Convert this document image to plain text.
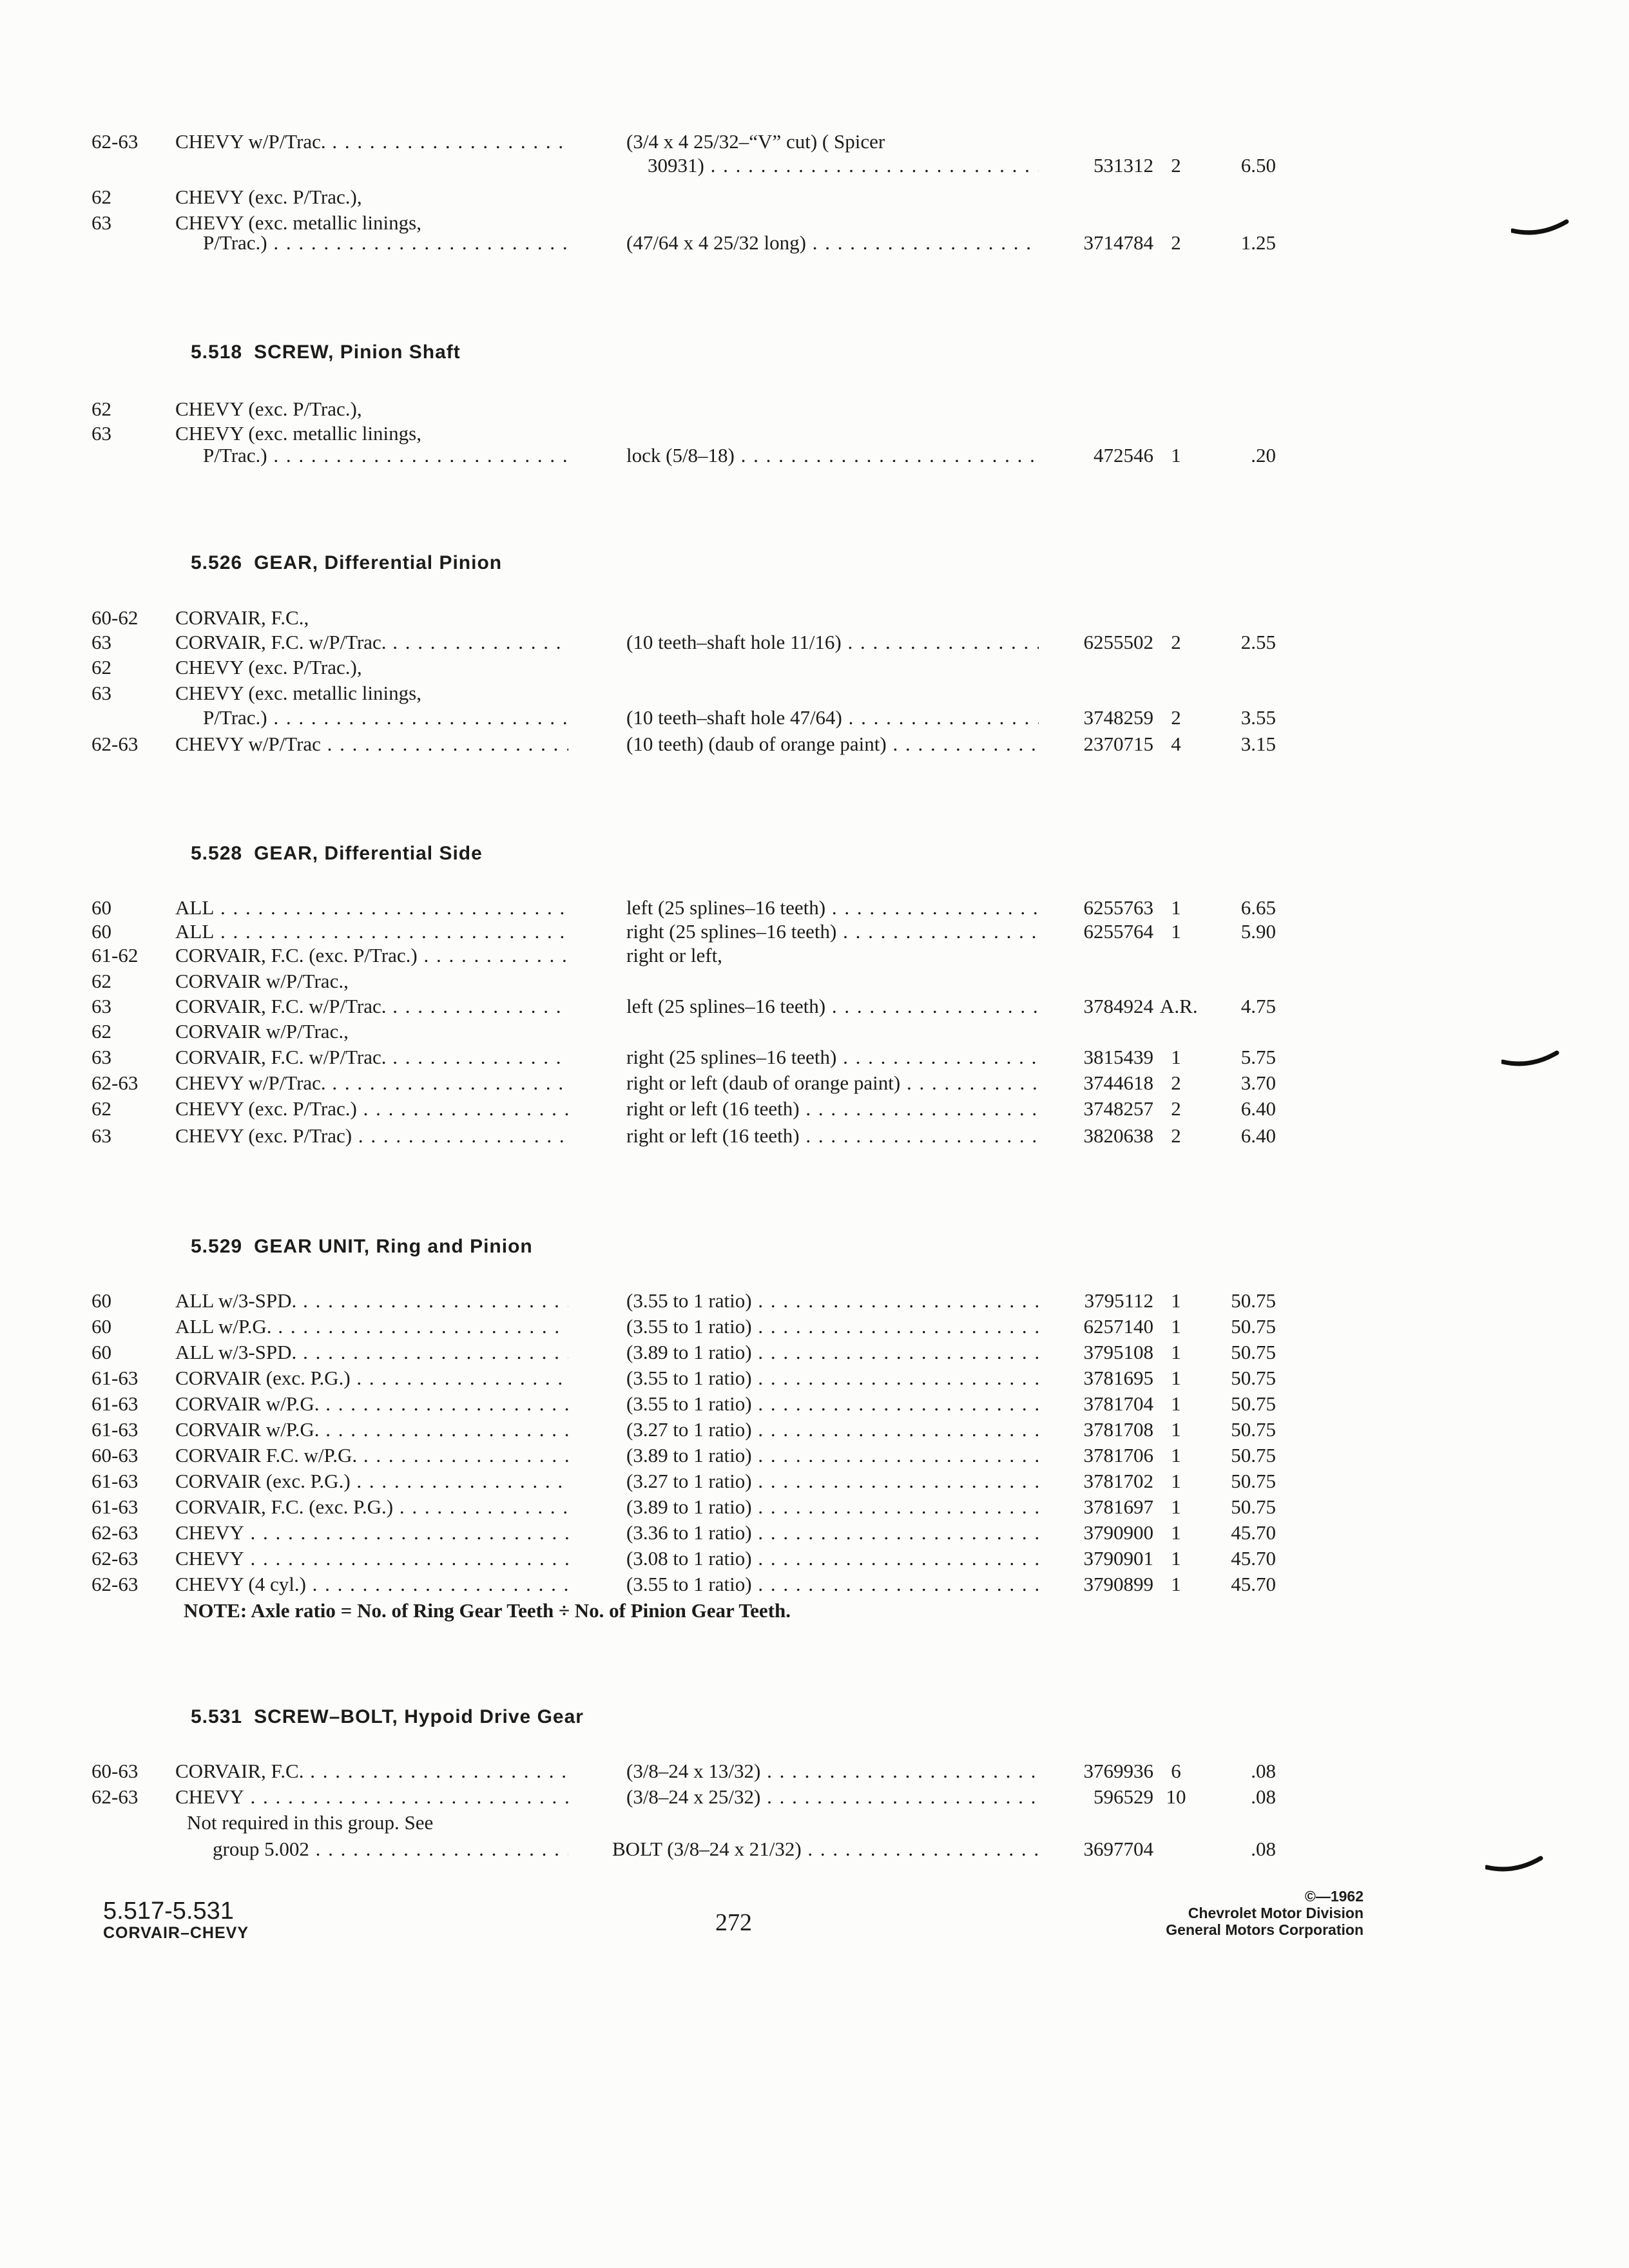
62-63 CHEVY w/P/Trac. . . .	(3/4 x 4 25/32–“V” cut) ( Spicer
30931) . . .	531312 2	6.50
62	CHEVY (exc. P/Trac.),
63	CHEVY (exc. metallic linings,
P/Trac.) . . .	(47/64 x 4 25/32 long) . . .	3714784 2	1.25
5.518 SCREW, Pinion Shaft
62	CHEVY (exc. P/Trac.),
63	CHEVY (exc. metallic linings,
P/Trac.) . . .	lock (5/8–18) . . .	472546 1	.20
5.526 GEAR, Differential Pinion
60-62 CORVAIR, F.C.,
63	CORVAIR, F.C. w/P/Trac. . . .	(10 teeth–shaft hole 11/16) . . .	6255502 2	2.55
62	CHEVY (exc. P/Trac.),
63	CHEVY (exc. metallic linings,
P/Trac.) . . .	(10 teeth–shaft hole 47/64) . . .	3748259 2	3.55
62-63 CHEVY w/P/Trac . . .	(10 teeth) (daub of orange paint) . . .	2370715 4	3.15
5.528 GEAR, Differential Side
60	ALL . . .	left (25 splines–16 teeth) . . .	6255763 1	6.65
60	ALL . . .	right (25 splines–16 teeth) . . .	6255764 1	5.90
61-62 CORVAIR, F.C. (exc. P/Trac.) . . .	right or left,
62	CORVAIR w/P/Trac.,
63	CORVAIR, F.C. w/P/Trac. . . .	left (25 splines–16 teeth) . . .	3784924 A.R.	4.75
62	CORVAIR w/P/Trac.,
63	CORVAIR, F.C. w/P/Trac. . . .	right (25 splines–16 teeth) . . .	3815439 1	5.75
62-63 CHEVY w/P/Trac. . . .	right or left (daub of orange paint) . . .	3744618 2	3.70
62	CHEVY (exc. P/Trac.) . . .	right or left (16 teeth) . . .	3748257 2	6.40
63	CHEVY (exc. P/Trac) . . .	right or left (16 teeth) . . .	3820638 2	6.40
5.529 GEAR UNIT, Ring and Pinion
60	ALL w/3-SPD. . . .	(3.55 to 1 ratio) . . .	3795112 1	50.75
60	ALL w/P.G. . . .	(3.55 to 1 ratio) . . .	6257140 1	50.75
60	ALL w/3-SPD. . . .	(3.89 to 1 ratio) . . .	3795108 1	50.75
61-63 CORVAIR (exc. P.G.) . . .	(3.55 to 1 ratio) . . .	3781695 1	50.75
61-63 CORVAIR w/P.G. . . .	(3.55 to 1 ratio) . . .	3781704 1	50.75
61-63 CORVAIR w/P.G. . . .	(3.27 to 1 ratio) . . .	3781708 1	50.75
60-63 CORVAIR F.C. w/P.G. . . .	(3.89 to 1 ratio) . . .	3781706 1	50.75
61-63 CORVAIR (exc. P.G.) . . .	(3.27 to 1 ratio) . . .	3781702 1	50.75
61-63 CORVAIR, F.C. (exc. P.G.) . . .	(3.89 to 1 ratio) . . .	3781697 1	50.75
62-63 CHEVY . . .	(3.36 to 1 ratio) . . .	3790900 1	45.70
62-63 CHEVY . . .	(3.08 to 1 ratio) . . .	3790901 1	45.70
62-63 CHEVY (4 cyl.) . . .	(3.55 to 1 ratio) . . .	3790899 1	45.70
NOTE: Axle ratio = No. of Ring Gear Teeth ÷ No. of Pinion Gear Teeth.
5.531 SCREW–BOLT, Hypoid Drive Gear
60-63 CORVAIR, F.C. . . .	(3/8–24 x 13/32) . . .	3769936 6	.08
62-63 CHEVY . . .	(3/8–24 x 25/32) . . .	596529 10	.08
Not required in this group. See
group 5.002 . . .	BOLT (3/8–24 x 21/32) . . .	3697704	.08
5.517-5.531
CORVAIR–CHEVY	272
©—1962
Chevrolet Motor Division
General Motors Corporation
